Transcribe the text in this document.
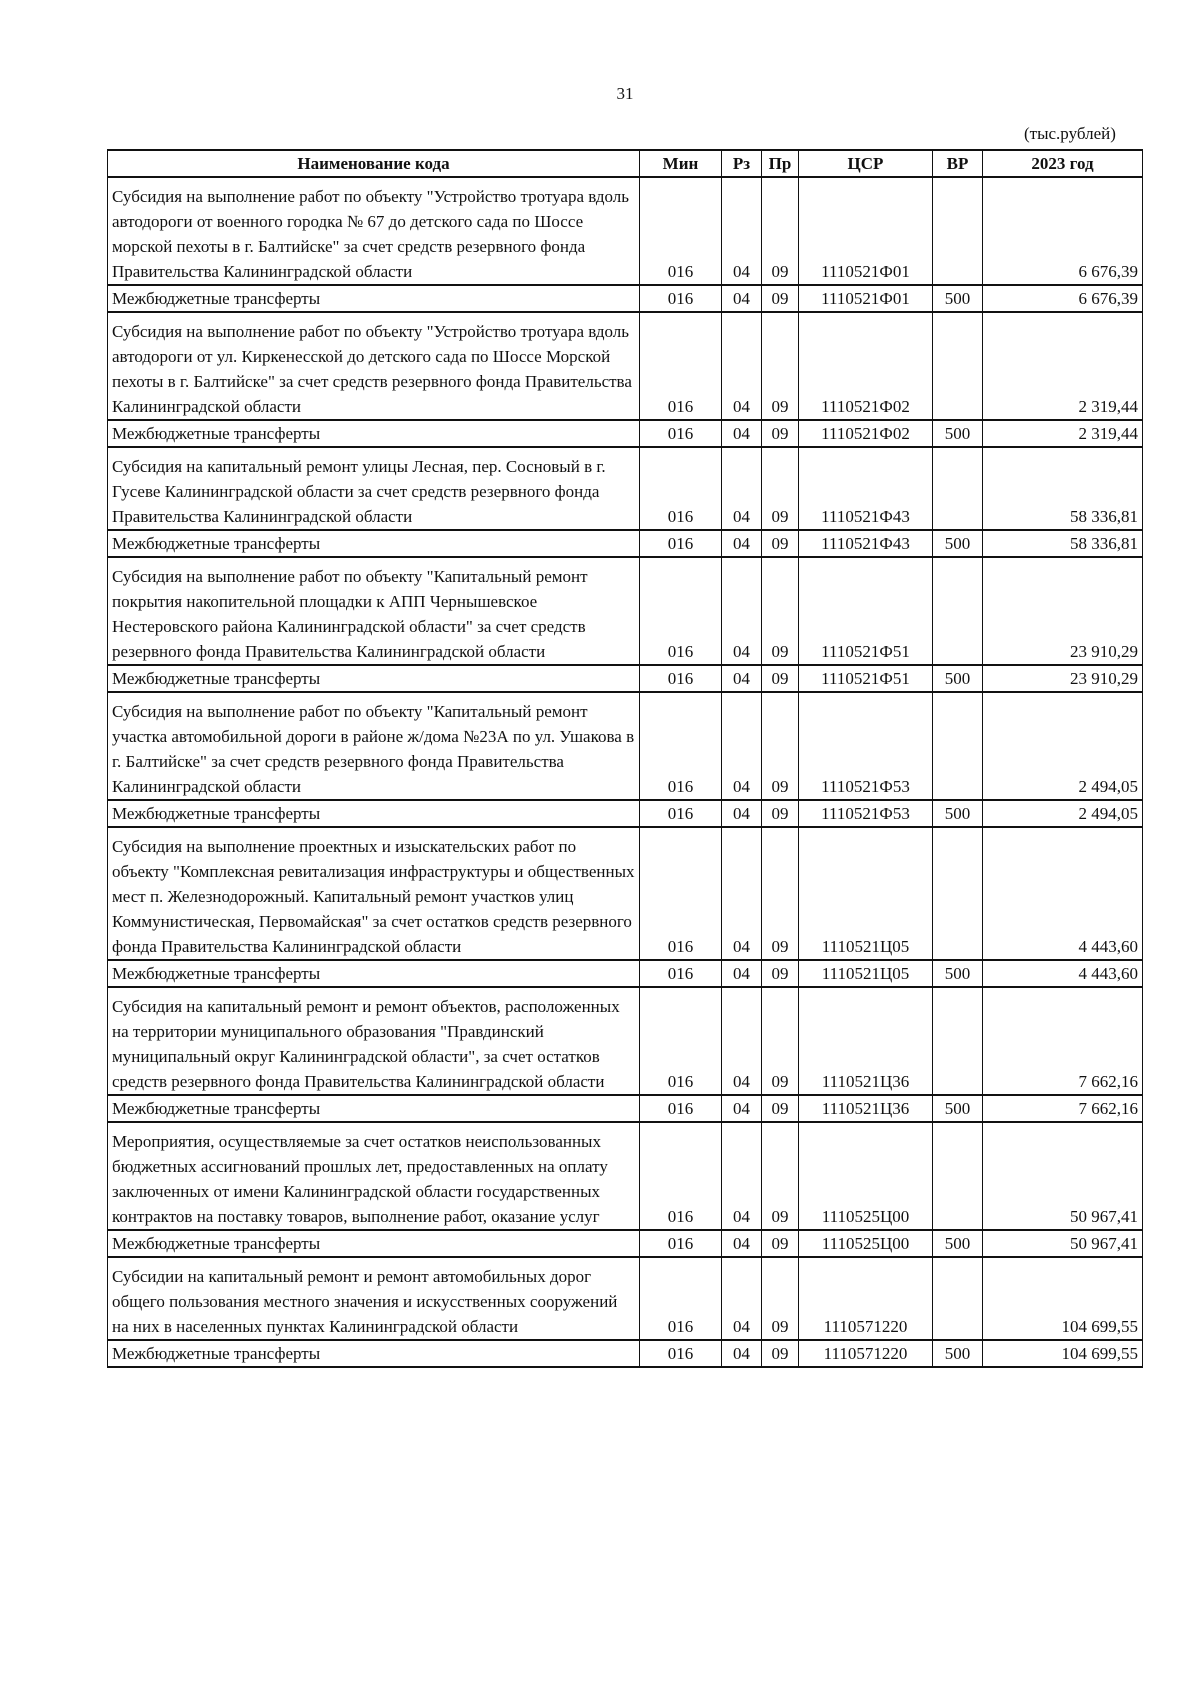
31
(тыс.рублей)
Наименование кода	Мин	Рз	Пр	ЦСР	ВР	2023 год
Субсидия на выполнение работ по объекту "Устройство тротуара вдоль автодороги от военного городка № 67 до детского сада по Шоссе морской пехоты в г. Балтийске" за счет средств резервного фонда Правительства Калининградской области	016	04	09	1110521Ф01		6 676,39
Межбюджетные трансферты	016	04	09	1110521Ф01	500	6 676,39
Субсидия на выполнение работ по объекту "Устройство тротуара вдоль автодороги от ул. Киркенесской до детского сада по Шоссе Морской пехоты в г. Балтийске" за счет средств резервного фонда Правительства Калининградской области	016	04	09	1110521Ф02		2 319,44
Межбюджетные трансферты	016	04	09	1110521Ф02	500	2 319,44
Субсидия на капитальный ремонт улицы Лесная, пер. Сосновый в г. Гусеве Калининградской области за счет средств резервного фонда Правительства Калининградской области	016	04	09	1110521Ф43		58 336,81
Межбюджетные трансферты	016	04	09	1110521Ф43	500	58 336,81
Субсидия на выполнение работ по объекту "Капитальный ремонт покрытия накопительной площадки к АПП Чернышевское Нестеровского района Калининградской области" за счет средств резервного фонда Правительства Калининградской области	016	04	09	1110521Ф51		23 910,29
Межбюджетные трансферты	016	04	09	1110521Ф51	500	23 910,29
Субсидия на выполнение работ по объекту "Капитальный ремонт участка автомобильной дороги в районе ж/дома №23А по ул. Ушакова в г. Балтийске" за счет средств резервного фонда Правительства Калининградской области	016	04	09	1110521Ф53		2 494,05
Межбюджетные трансферты	016	04	09	1110521Ф53	500	2 494,05
Субсидия на выполнение проектных и изыскательских работ по объекту "Комплексная ревитализация инфраструктуры и общественных мест п. Железнодорожный. Капитальный ремонт участков улиц Коммунистическая, Первомайская" за счет остатков средств резервного фонда Правительства Калининградской области	016	04	09	1110521Ц05		4 443,60
Межбюджетные трансферты	016	04	09	1110521Ц05	500	4 443,60
Субсидия на капитальный ремонт и ремонт объектов, расположенных на территории муниципального образования "Правдинский муниципальный округ Калининградской области", за счет остатков средств резервного фонда Правительства Калининградской области	016	04	09	1110521Ц36		7 662,16
Межбюджетные трансферты	016	04	09	1110521Ц36	500	7 662,16
Мероприятия, осуществляемые за счет остатков неиспользованных бюджетных ассигнований прошлых лет, предоставленных на оплату заключенных от имени Калининградской области государственных контрактов на поставку товаров, выполнение работ, оказание услуг	016	04	09	1110525Ц00		50 967,41
Межбюджетные трансферты	016	04	09	1110525Ц00	500	50 967,41
Субсидии на капитальный ремонт и ремонт автомобильных дорог общего пользования местного значения и искусственных сооружений на них в населенных пунктах Калининградской области	016	04	09	1110571220		104 699,55
Межбюджетные трансферты	016	04	09	1110571220	500	104 699,55
